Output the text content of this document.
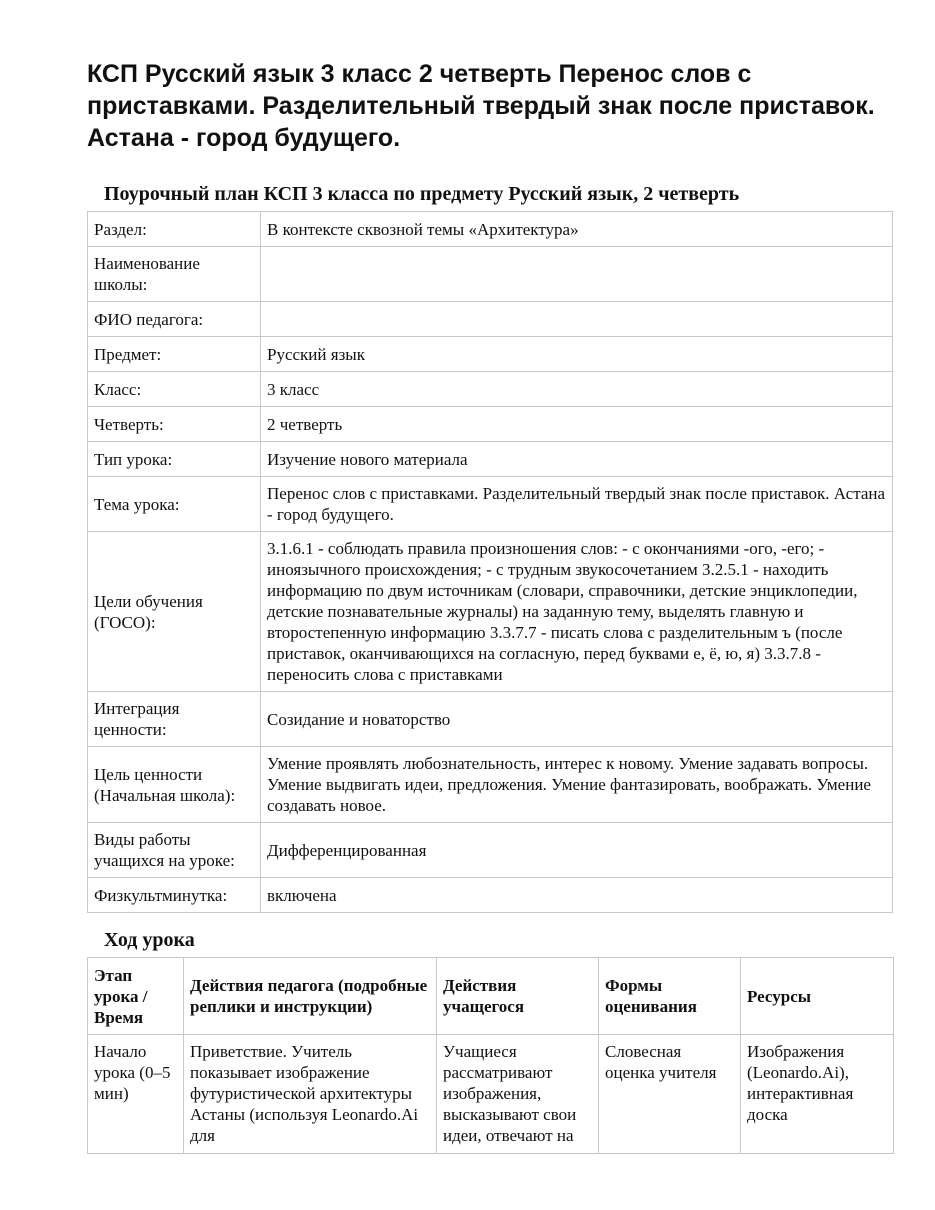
КСП Русский язык 3 класс 2 четверть Перенос слов с приставками. Разделительный твердый знак после приставок. Астана - город будущего.
Поурочный план КСП 3 класса по предмету Русский язык, 2 четверть
Раздел:	В контексте сквозной темы «Архитектура»
Наименование школы:	
ФИО педагога:	
Предмет:	Русский язык
Класс:	3 класс
Четверть:	2 четверть
Тип урока:	Изучение нового материала
Тема урока:	Перенос слов с приставками. Разделительный твердый знак после приставок. Астана - город будущего.
Цели обучения (ГОСО):	3.1.6.1 - соблюдать правила произношения слов: - с окончаниями -ого, -его; - иноязычного происхождения; - с трудным звукосочетанием 3.2.5.1 - находить информацию по двум источникам (словари, справочники, детские энциклопедии, детские познавательные журналы) на заданную тему, выделять главную и второстепенную информацию 3.3.7.7 - писать слова с разделительным ъ (после приставок, оканчивающихся на согласную, перед буквами е, ё, ю, я) 3.3.7.8 - переносить слова с приставками
Интеграция ценности:	Созидание и новаторство
Цель ценности (Начальная школа):	Умение проявлять любознательность, интерес к новому. Умение задавать вопросы. Умение выдвигать идеи, предложения. Умение фантазировать, воображать. Умение создавать новое.
Виды работы учащихся на уроке:	Дифференцированная
Физкультминутка:	включена
Ход урока
Этап урока / Время	Действия педагога (подробные реплики и инструкции)	Действия учащегося	Формы оценивания	Ресурсы

Начало урока (0–5 мин)	Приветствие. Учитель показывает изображение футуристической архитектуры Астаны (используя Leonardo.Ai для	Учащиеся рассматривают изображения, высказывают свои идеи, отвечают на	Словесная оценка учителя	Изображения (Leonardo.Ai), интерактивная доска
